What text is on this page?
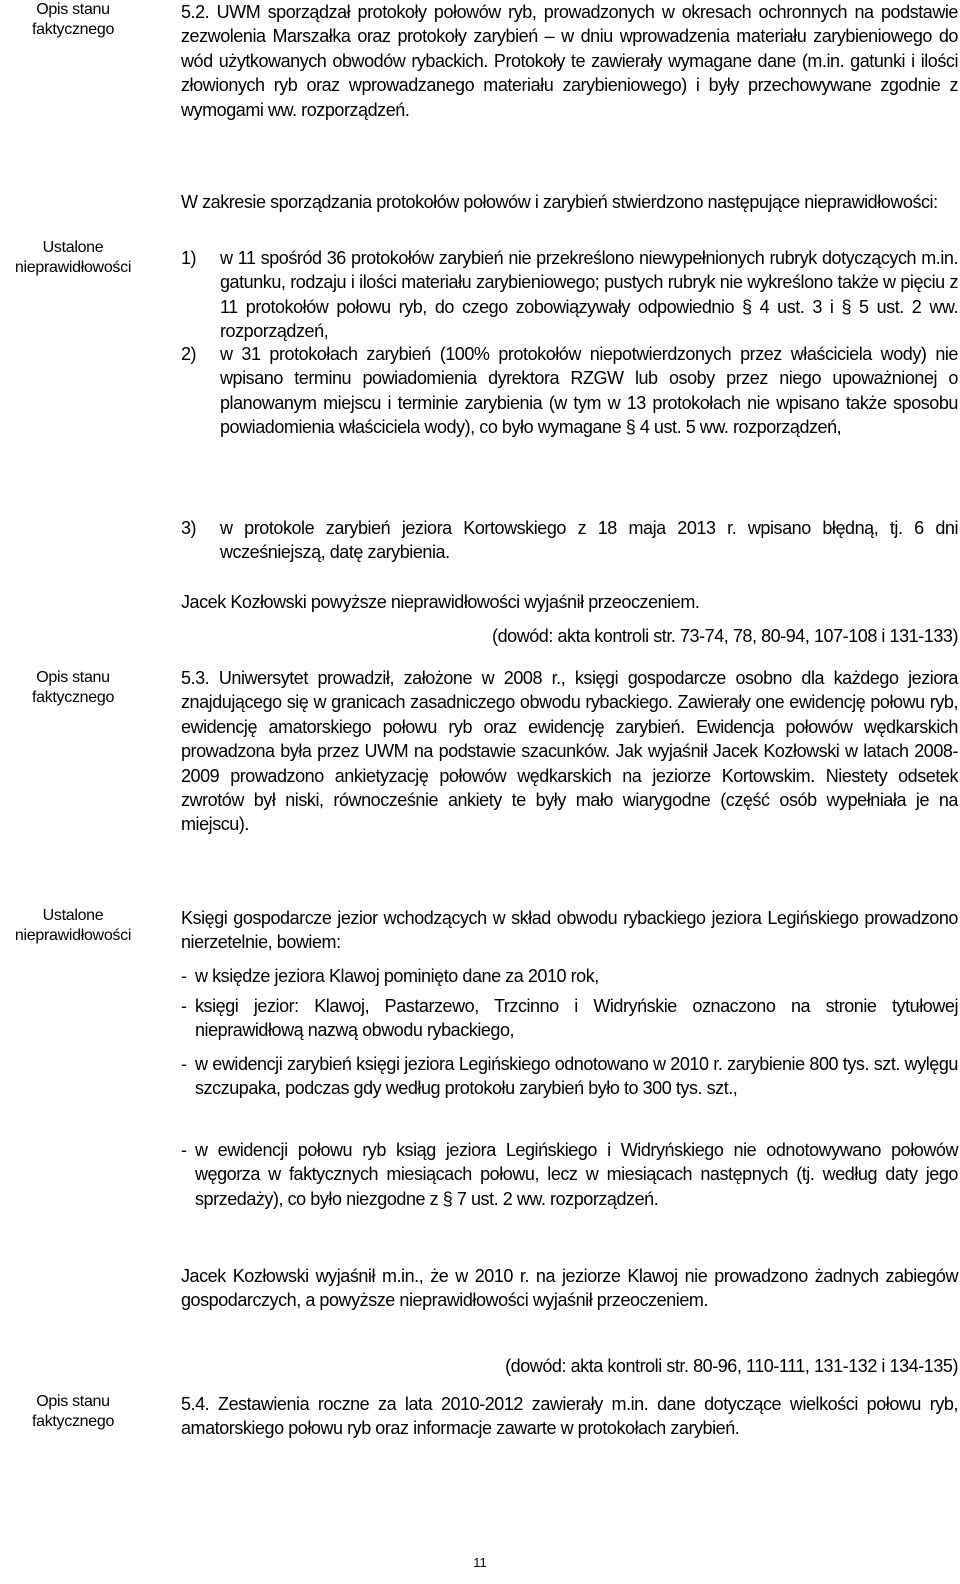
Opis stanu
faktycznego
Ustalone
nieprawidłowości
Opis stanu
faktycznego
Ustalone
nieprawidłowości
Opis stanu
faktycznego
5.2. UWM sporządzał protokoły połowów ryb, prowadzonych w okresach ochronnych na podstawie zezwolenia Marszałka oraz protokoły zarybień – w dniu wprowadzenia materiału zarybieniowego do wód użytkowanych obwodów rybackich. Protokoły te zawierały wymagane dane (m.in. gatunki i ilości złowionych ryb oraz wprowadzanego materiału zarybieniowego) i były przechowywane zgodnie z wymogami ww. rozporządzeń.
W zakresie sporządzania protokołów połowów i zarybień stwierdzono następujące nieprawidłowości:
1) w 11 spośród 36 protokołów zarybień nie przekreślono niewypełnionych rubryk dotyczących m.in. gatunku, rodzaju i ilości materiału zarybieniowego; pustych rubryk nie wykreślono także w pięciu z 11 protokołów połowu ryb, do czego zobowiązywały odpowiednio § 4 ust. 3 i § 5 ust. 2 ww. rozporządzeń,
2) w 31 protokołach zarybień (100% protokołów niepotwierdzonych przez właściciela wody) nie wpisano terminu powiadomienia dyrektora RZGW lub osoby przez niego upoważnionej o planowanym miejscu i terminie zarybienia (w tym w 13 protokołach nie wpisano także sposobu powiadomienia właściciela wody), co było wymagane § 4 ust. 5 ww. rozporządzeń,
3) w protokole zarybień jeziora Kortowskiego z 18 maja 2013 r. wpisano błędną, tj. 6 dni wcześniejszą, datę zarybienia.
Jacek Kozłowski powyższe nieprawidłowości wyjaśnił przeoczeniem.
(dowód: akta kontroli str. 73-74, 78, 80-94, 107-108 i 131-133)
5.3. Uniwersytet prowadził, założone w 2008 r., księgi gospodarcze osobno dla każdego jeziora znajdującego się w granicach zasadniczego obwodu rybackiego. Zawierały one ewidencję połowu ryb, ewidencję amatorskiego połowu ryb oraz ewidencję zarybień. Ewidencja połowów wędkarskich prowadzona była przez UWM na podstawie szacunków. Jak wyjaśnił Jacek Kozłowski w latach 2008-2009 prowadzono ankietyzację połowów wędkarskich na jeziorze Kortowskim. Niestety odsetek zwrotów był niski, równocześnie ankiety te były mało wiarygodne (część osób wypełniała je na miejscu).
Księgi gospodarcze jezior wchodzących w skład obwodu rybackiego jeziora Legińskiego prowadzono nierzetelnie, bowiem:
- w księdze jeziora Klawoj pominięto dane za 2010 rok,
- księgi jezior: Klawoj, Pastarzewo, Trzcinno i Widryńskie oznaczono na stronie tytułowej nieprawidłową nazwą obwodu rybackiego,
- w ewidencji zarybień księgi jeziora Legińskiego odnotowano w 2010 r. zarybienie 800 tys. szt. wylęgu szczupaka, podczas gdy według protokołu zarybień było to 300 tys. szt.,
- w ewidencji połowu ryb ksiąg jeziora Legińskiego i Widryńskiego nie odnotowywano połowów węgorza w faktycznych miesiącach połowu, lecz w miesiącach następnych (tj. według daty jego sprzedaży), co było niezgodne z § 7 ust. 2 ww. rozporządzeń.
Jacek Kozłowski wyjaśnił m.in., że w 2010 r. na jeziorze Klawoj nie prowadzono żadnych zabiegów gospodarczych, a powyższe nieprawidłowości wyjaśnił przeoczeniem.
(dowód: akta kontroli str. 80-96, 110-111, 131-132 i 134-135)
5.4. Zestawienia roczne za lata 2010-2012 zawierały m.in. dane dotyczące wielkości połowu ryb, amatorskiego połowu ryb oraz informacje zawarte w protokołach zarybień.
11
